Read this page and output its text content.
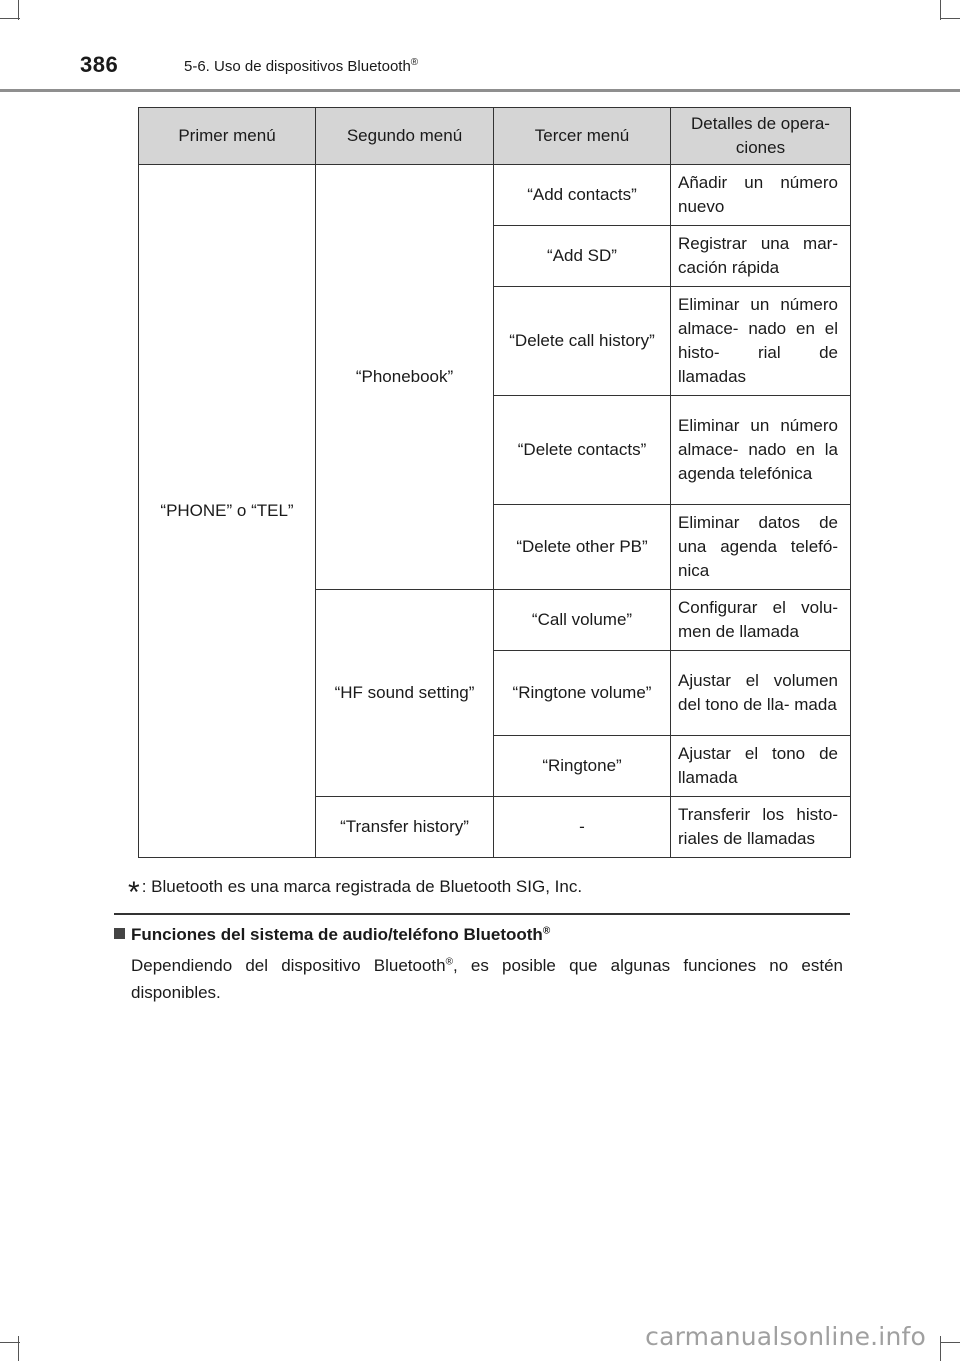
386	5-6. Uso de dispositivos Bluetooth®
Primer menú	Segundo menú	Tercer menú	Detalles de opera- ciones
“PHONE” o “TEL”	“Phonebook”	“Add contacts”	Añadir un número nuevo
		“Add SD”	Registrar una mar- cación rápida
		“Delete call history”	Eliminar un número almace- nado en el histo- rial de llamadas
		“Delete contacts”	Eliminar un número almace- nado en la agenda telefónica
		“Delete other PB”	Eliminar datos de una agenda telefó- nica
	“HF sound setting”	“Call volume”	Configurar el volu- men de llamada
		“Ringtone volume”	Ajustar el volumen del tono de lla- mada
		“Ringtone”	Ajustar el tono de llamada
	“Transfer history”	-	Transferir los histo- riales de llamadas
* : Bluetooth es una marca registrada de Bluetooth SIG, Inc.
Funciones del sistema de audio/teléfono Bluetooth®
Dependiendo del dispositivo Bluetooth®, es posible que algunas funciones no estén disponibles.
carmanualsonline.info
